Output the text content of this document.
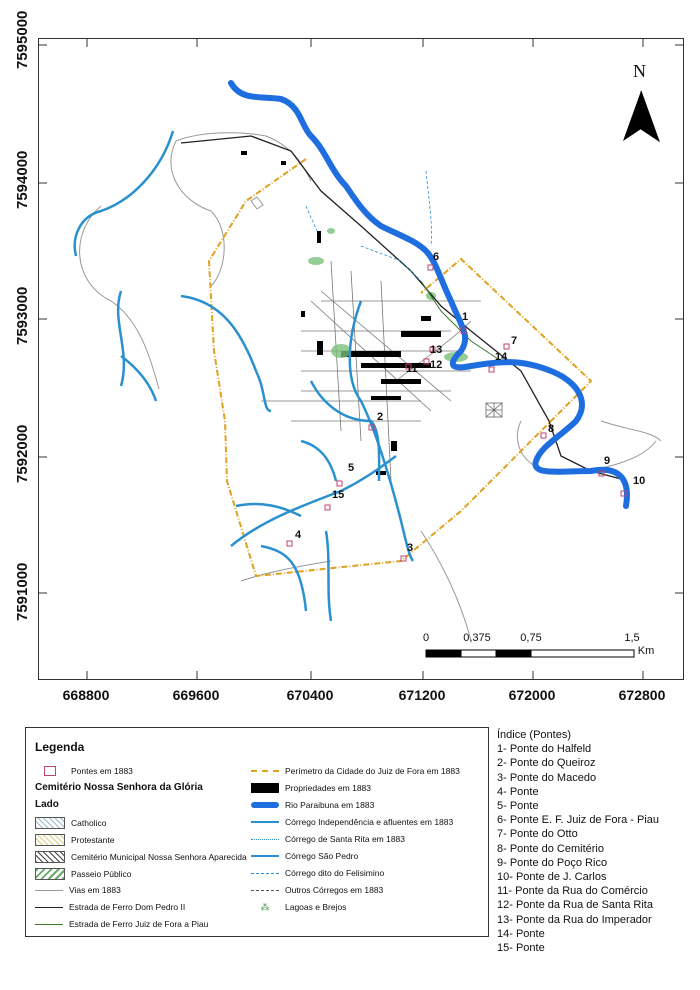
7595000
7594000
7593000
7592000
7591000
668800	669600	670400	671200	672000	672800
N
0	0,375	0,75	1,5
Km
1
2
3
4
5
6
7
8
9
10
11 12
13
14
15
Legenda
Cemitério Nossa Senhora da Glória
Lado
Pontes em 1883
Catholico
Protestante
Cemitério Municipal Nossa Senhora Aparecida
Passeio Público
Vias em 1883
Estrada de Ferro Dom Pedro II
Estrada de Ferro Juiz de Fora a Piau
Perímetro da Cidade do Juiz de Fora em 1883
Propriedades em 1883
Rio Paraibuna em 1883
Córrego Independência e afluentes em 1883
Córrego de Santa Rita em 1883
Córrego São Pedro
Córrego dito do Felisimino
Outros Córregos em 1883
⁂	Lagoas e Brejos
Índice (Pontes)
1- Ponte do Halfeld
2- Ponte do Queiroz
3- Ponte do Macedo
4- Ponte
5- Ponte
6- Ponte E. F. Juiz de Fora - Piau
7- Ponte do Otto
8- Ponte do Cemitério
9- Ponte do Poço Rico
10- Ponte de J. Carlos
11- Ponte da Rua do Comércio
12- Ponte da Rua de Santa Rita
13- Ponte da Rua do Imperador
14- Ponte
15- Ponte
